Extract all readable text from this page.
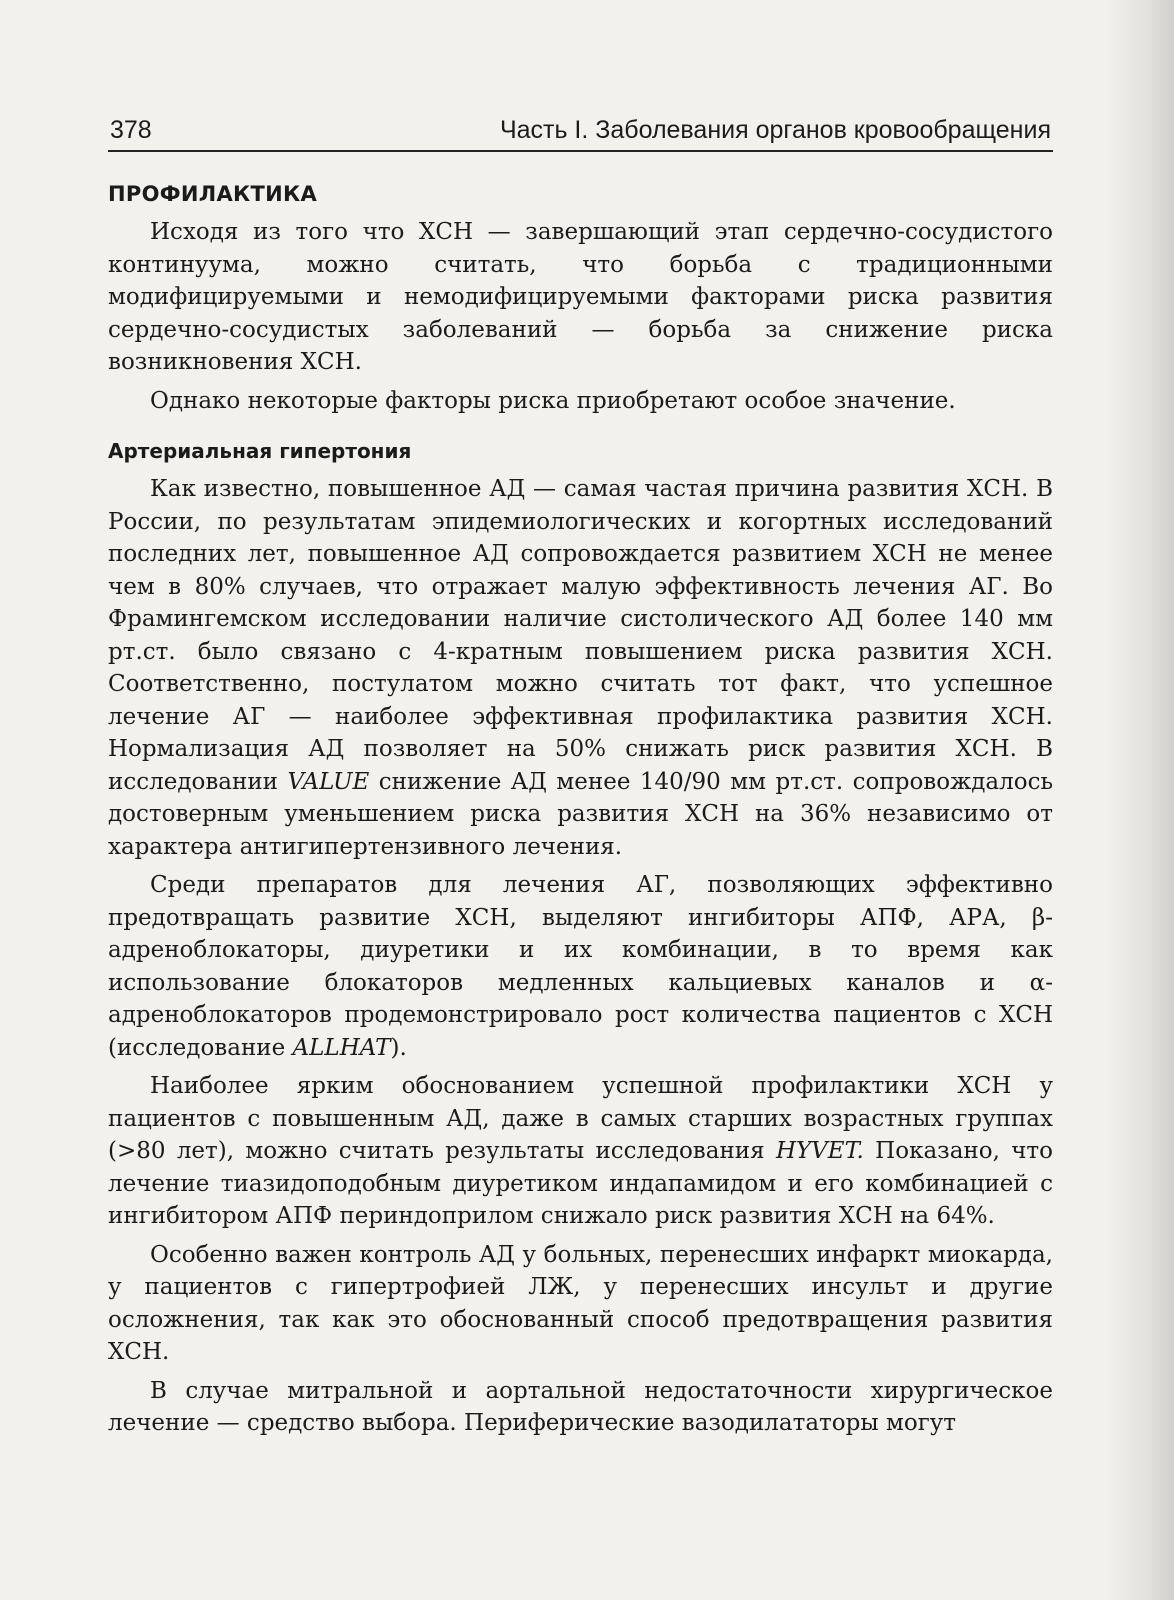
378	Часть I. Заболевания органов кровообращения
ПРОФИЛАКТИКА

Исходя из того что ХСН — завершающий этап сердечно-сосудистого континуума, можно считать, что борьба с традиционными модифицируемыми и немодифицируемыми факторами риска развития сердечно-сосудистых заболеваний — борьба за снижение риска возникновения ХСН.

Однако некоторые факторы риска приобретают особое значение.

Артериальная гипертония

Как известно, повышенное АД — самая частая причина развития ХСН. В России, по результатам эпидемиологических и когортных исследований последних лет, повышенное АД сопровождается развитием ХСН не менее чем в 80% случаев, что отражает малую эффективность лечения АГ. Во Фрамингемском исследовании наличие систолического АД более 140 мм рт.ст. было связано с 4-кратным повышением риска развития ХСН. Соответственно, постулатом можно считать тот факт, что успешное лечение АГ — наиболее эффективная профилактика развития ХСН. Нормализация АД позволяет на 50% снижать риск развития ХСН. В исследовании VALUE снижение АД менее 140/90 мм рт.ст. сопровождалось достоверным уменьшением риска развития ХСН на 36% независимо от характера антигипертензивного лечения.

Среди препаратов для лечения АГ, позволяющих эффективно предотвращать развитие ХСН, выделяют ингибиторы АПФ, АРА, β-адреноблокаторы, диуретики и их комбинации, в то время как использование блокаторов медленных кальциевых каналов и α-адреноблокаторов продемонстрировало рост количества пациентов с ХСН (исследование ALLHAT).

Наиболее ярким обоснованием успешной профилактики ХСН у пациентов с повышенным АД, даже в самых старших возрастных группах (>80 лет), можно считать результаты исследования HYVET. Показано, что лечение тиазидоподобным диуретиком индапамидом и его комбинацией с ингибитором АПФ периндоприлом снижало риск развития ХСН на 64%.

Особенно важен контроль АД у больных, перенесших инфаркт миокарда, у пациентов с гипертрофией ЛЖ, у перенесших инсульт и другие осложнения, так как это обоснованный способ предотвращения развития ХСН.

В случае митральной и аортальной недостаточности хирургическое лечение — средство выбора. Периферические вазодилататоры могут
